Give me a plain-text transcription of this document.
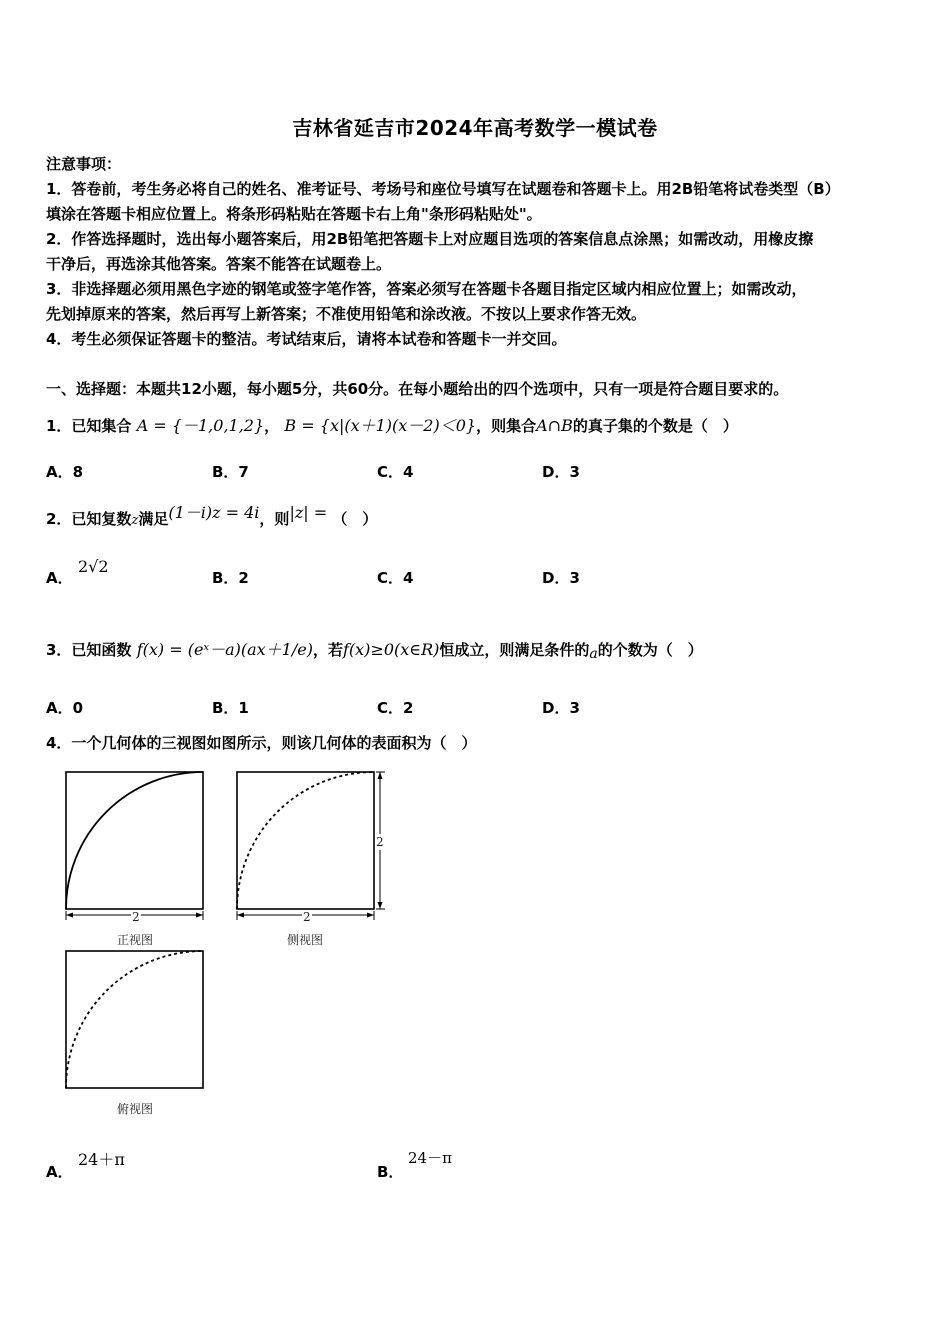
吉林省延吉市2024年高考数学一模试卷
注意事项：
1．答卷前，考生务必将自己的姓名、准考证号、考场号和座位号填写在试题卷和答题卡上。用2B铅笔将试卷类型（B）
填涂在答题卡相应位置上。将条形码粘贴在答题卡右上角"条形码粘贴处"。
2．作答选择题时，选出每小题答案后，用2B铅笔把答题卡上对应题目选项的答案信息点涂黑；如需改动，用橡皮擦
干净后，再选涂其他答案。答案不能答在试题卷上。
3．非选择题必须用黑色字迹的钢笔或签字笔作答，答案必须写在答题卡各题目指定区域内相应位置上；如需改动，
先划掉原来的答案，然后再写上新答案；不准使用铅笔和涂改液。不按以上要求作答无效。
4．考生必须保证答题卡的整洁。考试结束后，请将本试卷和答题卡一并交回。
一、选择题：本题共12小题，每小题5分，共60分。在每小题给出的四个选项中，只有一项是符合题目要求的。
1．已知集合 A = {－1,0,1,2}， B = {x|(x＋1)(x－2)＜0}，则集合A∩B的真子集的个数是（　）
A．8	B．7	C．4	D．3
2．已知复数z满足(1－i)z = 4i，则|z| = （　）
A．
2√2
B．2	C．4	D．3
3．已知函数 f(x) = (eˣ－a)(ax＋1/e)，若f(x)≥0(x∈R)恒成立，则满足条件的a的个数为（　）
A．0	B．1	C．2	D．3
4．一个几何体的三视图如图所示，则该几何体的表面积为（　）
2
正视图
2
2
侧视图
俯视图
A．
24＋π
B．
24－π
